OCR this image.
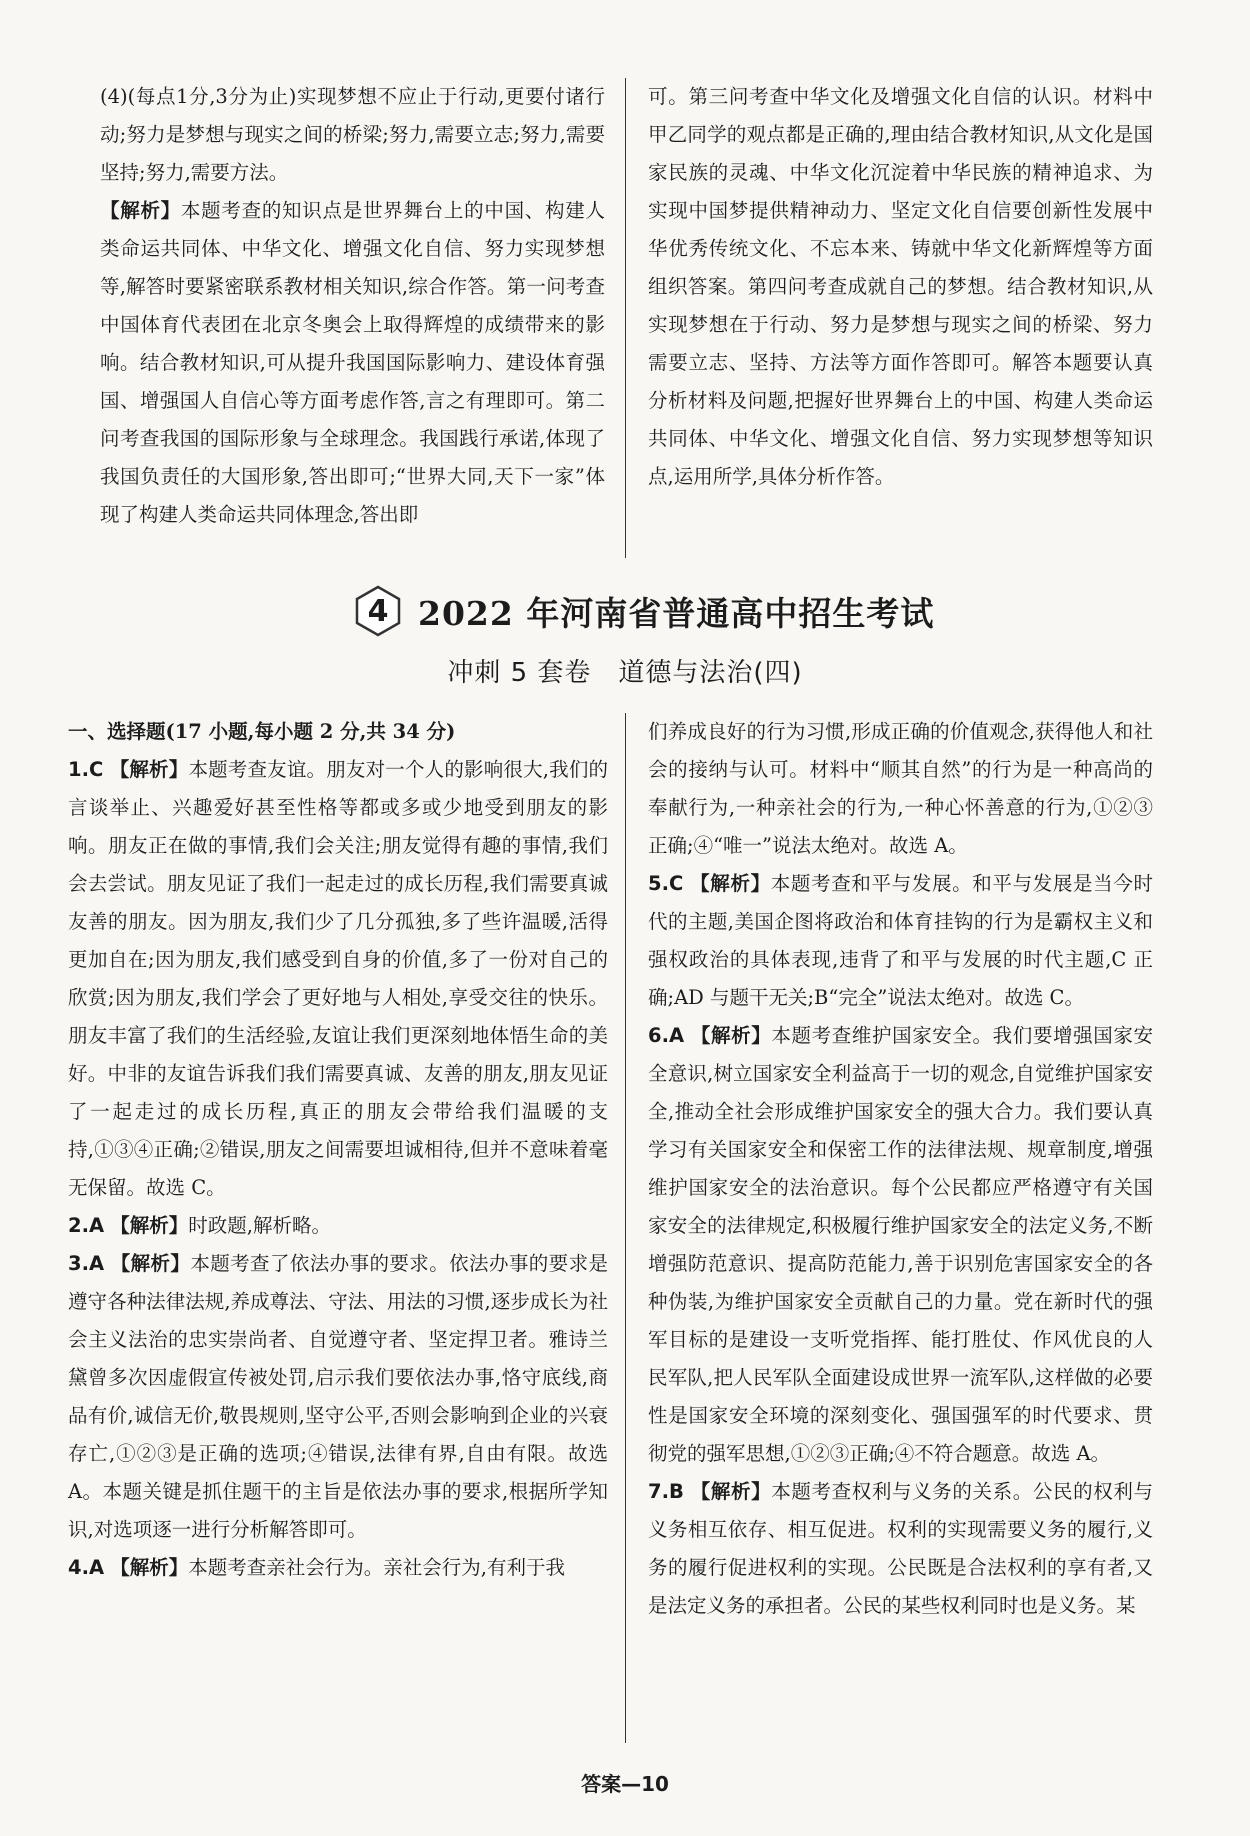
(4)(每点1分,3分为止)实现梦想不应止于行动,更要付诸行动;努力是梦想与现实之间的桥梁;努力,需要立志;努力,需要坚持;努力,需要方法。

【解析】本题考查的知识点是世界舞台上的中国、构建人类命运共同体、中华文化、增强文化自信、努力实现梦想等,解答时要紧密联系教材相关知识,综合作答。第一问考查中国体育代表团在北京冬奥会上取得辉煌的成绩带来的影响。结合教材知识,可从提升我国国际影响力、建设体育强国、增强国人自信心等方面考虑作答,言之有理即可。第二问考查我国的国际形象与全球理念。我国践行承诺,体现了我国负责任的大国形象,答出即可;“世界大同,天下一家”体现了构建人类命运共同体理念,答出即

可。第三问考查中华文化及增强文化自信的认识。材料中甲乙同学的观点都是正确的,理由结合教材知识,从文化是国家民族的灵魂、中华文化沉淀着中华民族的精神追求、为实现中国梦提供精神动力、坚定文化自信要创新性发展中华优秀传统文化、不忘本来、铸就中华文化新辉煌等方面组织答案。第四问考查成就自己的梦想。结合教材知识,从实现梦想在于行动、努力是梦想与现实之间的桥梁、努力需要立志、坚持、方法等方面作答即可。解答本题要认真分析材料及问题,把握好世界舞台上的中国、构建人类命运共同体、中华文化、增强文化自信、努力实现梦想等知识点,运用所学,具体分析作答。

4 2022 年河南省普通高中招生考试
冲刺 5 套卷　道德与法治(四)

一、选择题(17 小题,每小题 2 分,共 34 分)

1.C 【解析】本题考查友谊。朋友对一个人的影响很大,我们的言谈举止、兴趣爱好甚至性格等都或多或少地受到朋友的影响。朋友正在做的事情,我们会关注;朋友觉得有趣的事情,我们会去尝试。朋友见证了我们一起走过的成长历程,我们需要真诚友善的朋友。因为朋友,我们少了几分孤独,多了些许温暖,活得更加自在;因为朋友,我们感受到自身的价值,多了一份对自己的欣赏;因为朋友,我们学会了更好地与人相处,享受交往的快乐。朋友丰富了我们的生活经验,友谊让我们更深刻地体悟生命的美好。中非的友谊告诉我们我们需要真诚、友善的朋友,朋友见证了一起走过的成长历程,真正的朋友会带给我们温暖的支持,①③④正确;②错误,朋友之间需要坦诚相待,但并不意味着毫无保留。故选 C。

2.A 【解析】时政题,解析略。

3.A 【解析】本题考查了依法办事的要求。依法办事的要求是遵守各种法律法规,养成尊法、守法、用法的习惯,逐步成长为社会主义法治的忠实崇尚者、自觉遵守者、坚定捍卫者。雅诗兰黛曾多次因虚假宣传被处罚,启示我们要依法办事,恪守底线,商品有价,诚信无价,敬畏规则,坚守公平,否则会影响到企业的兴衰存亡,①②③是正确的选项;④错误,法律有界,自由有限。故选 A。本题关键是抓住题干的主旨是依法办事的要求,根据所学知识,对选项逐一进行分析解答即可。

4.A 【解析】本题考查亲社会行为。亲社会行为,有利于我

们养成良好的行为习惯,形成正确的价值观念,获得他人和社会的接纳与认可。材料中“顺其自然”的行为是一种高尚的奉献行为,一种亲社会的行为,一种心怀善意的行为,①②③正确;④“唯一”说法太绝对。故选 A。

5.C 【解析】本题考查和平与发展。和平与发展是当今时代的主题,美国企图将政治和体育挂钩的行为是霸权主义和强权政治的具体表现,违背了和平与发展的时代主题,C 正确;AD 与题干无关;B“完全”说法太绝对。故选 C。

6.A 【解析】本题考查维护国家安全。我们要增强国家安全意识,树立国家安全利益高于一切的观念,自觉维护国家安全,推动全社会形成维护国家安全的强大合力。我们要认真学习有关国家安全和保密工作的法律法规、规章制度,增强维护国家安全的法治意识。每个公民都应严格遵守有关国家安全的法律规定,积极履行维护国家安全的法定义务,不断增强防范意识、提高防范能力,善于识别危害国家安全的各种伪装,为维护国家安全贡献自己的力量。党在新时代的强军目标的是建设一支听党指挥、能打胜仗、作风优良的人民军队,把人民军队全面建设成世界一流军队,这样做的必要性是国家安全环境的深刻变化、强国强军的时代要求、贯彻党的强军思想,①②③正确;④不符合题意。故选 A。

7.B 【解析】本题考查权利与义务的关系。公民的权利与义务相互依存、相互促进。权利的实现需要义务的履行,义务的履行促进权利的实现。公民既是合法权利的享有者,又是法定义务的承担者。公民的某些权利同时也是义务。某

答案—10
